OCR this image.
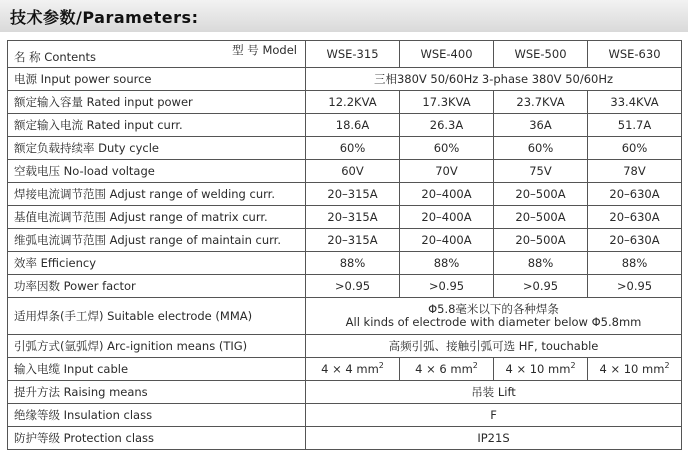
技术参数/Parameters:
型 号 Model
名 称 Contents	WSE-315	WSE-400	WSE-500	WSE-630
电源 Input power source	三相380V 50/60Hz 3-phase 380V 50/60Hz			
额定输入容量 Rated input power	12.2KVA	17.3KVA	23.7KVA	33.4KVA
额定输入电流 Rated input curr.	18.6A	26.3A	36A	51.7A
额定负载持续率 Duty cycle	60%	60%	60%	60%
空载电压 No-load voltage	60V	70V	75V	78V
焊接电流调节范围 Adjust range of welding curr.	20–315A	20–400A	20–500A	20–630A
基值电流调节范围 Adjust range of matrix curr.	20–315A	20–400A	20–500A	20–630A
维弧电流调节范围 Adjust range of maintain curr.	20–315A	20–400A	20–500A	20–630A
效率 Efficiency	88%	88%	88%	88%
功率因数 Power factor	>0.95	>0.95	>0.95	>0.95
适用焊条(手工焊) Suitable electrode (MMA)	Φ5.8毫米以下的各种焊条
All kinds of electrode with diameter below Φ5.8mm			

引弧方式(氩弧焊) Arc-ignition means (TIG)	高频引弧、接触引弧可选 HF, touchable			
输入电缆 Input cable	4 × 4 $mm^2$	4 × 6 $mm^2$	4 × 10 $mm^2$	4 × 10 $mm^2$
提升方法 Raising means	吊装 Lift			
绝缘等级 Insulation class	F			
防护等级 Protection class	IP21S			
